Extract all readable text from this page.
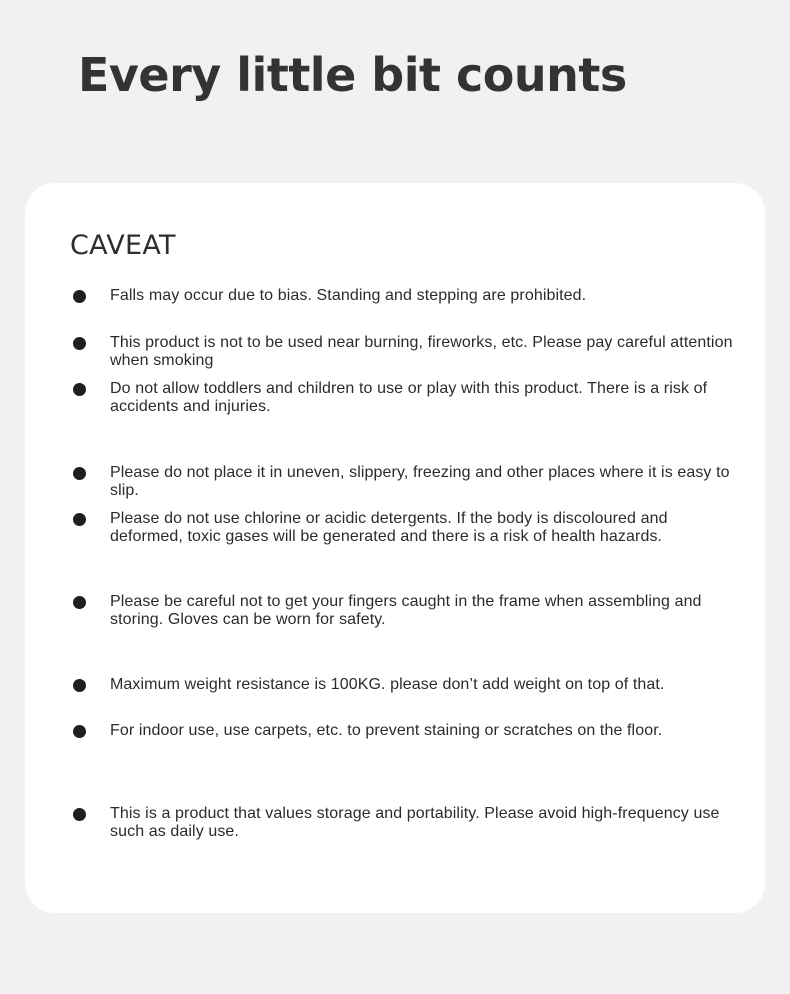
Every little bit counts
CAVEAT
Falls may occur due to bias. Standing and stepping are prohibited.
This product is not to be used near burning, fireworks, etc. Please pay careful attention when smoking
Do not allow toddlers and children to use or play with this product. There is a risk of accidents and injuries.
Please do not place it in uneven, slippery, freezing and other places where it is easy to slip.
Please do not use chlorine or acidic detergents. If the body is discoloured and deformed, toxic gases will be generated and there is a risk of health hazards.
Please be careful not to get your fingers caught in the frame when assembling and storing. Gloves can be worn for safety.
Maximum weight resistance is 100KG. please don’t add weight on top of that.
For indoor use, use carpets, etc. to prevent staining or scratches on the floor.
This is a product that values storage and portability. Please avoid high-frequency use such as daily use.
